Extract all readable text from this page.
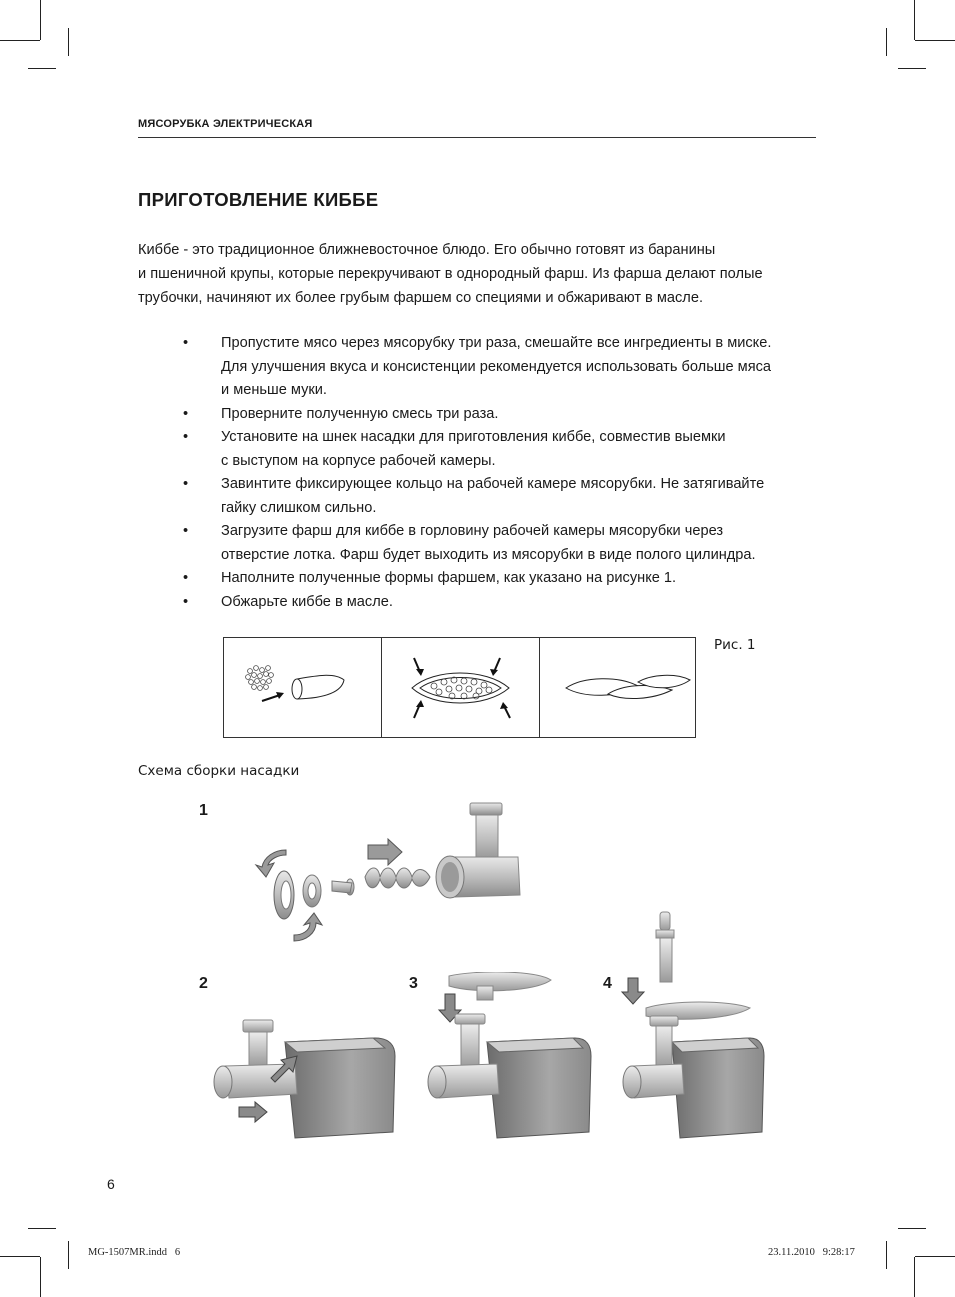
МЯСОРУБКА ЭЛЕКТРИЧЕСКАЯ
ПРИГОТОВЛЕНИЕ КИББЕ
Киббе - это традиционное ближневосточное блюдо. Его обычно готовят из баранины
и пшеничной крупы, которые перекручивают в однородный фарш. Из фарша делают полые
трубочки, начиняют их более грубым фаршем со специями и обжаривают в масле.
•	Пропустите мясо через мясорубку три раза, смешайте все ингредиенты в миске.
Для улучшения вкуса и консистенции рекомендуется использовать больше мяса
и меньше муки.
•	Проверните полученную смесь три раза.
•	Установите на шнек насадки для приготовления киббе, совместив выемки
с выступом на корпусе рабочей камеры.
•	Завинтите фиксирующее кольцо на рабочей камере мясорубки. Не затягивайте
гайку слишком сильно.
•	Загрузите фарш для киббе в горловину рабочей камеры мясорубки через
отверстие лотка. Фарш будет выходить из мясорубки в виде полого цилиндра.
•	Наполните полученные формы фаршем, как указано на рисунке 1.
•	Обжарьте киббе в масле.
Рис. 1
Схема сборки насадки
1
2	3	4
6
MG-1507MR.indd   6	23.11.2010   9:28:17
